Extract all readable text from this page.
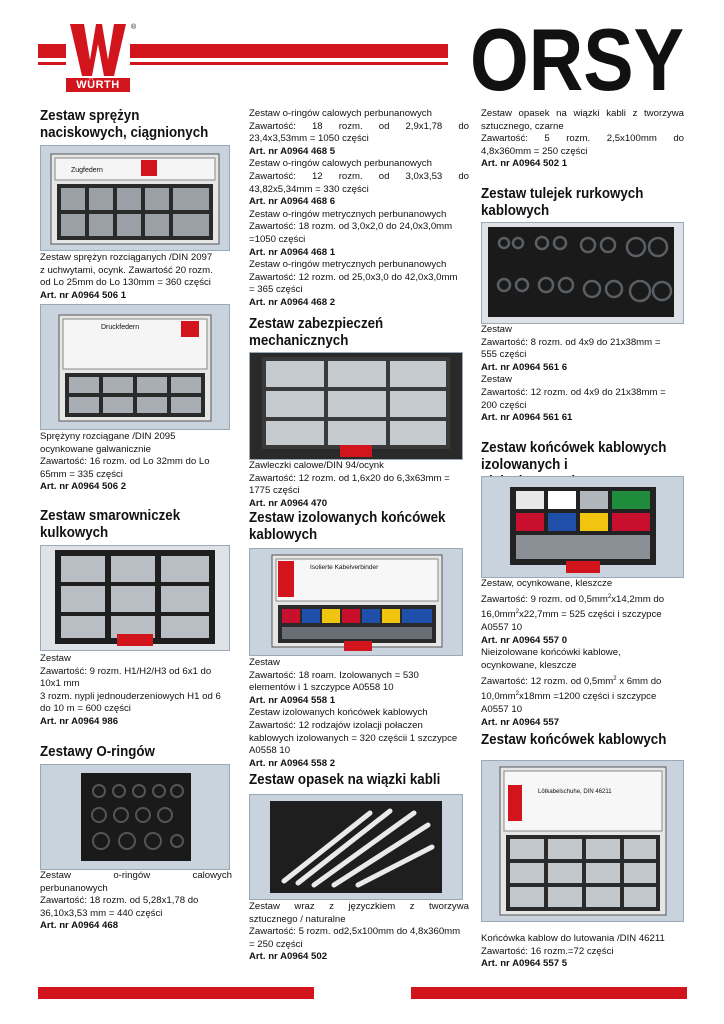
WÜRTH
®	ORSY
Zestaw sprężyn
naciskowych, ciągnionych
Zugfedern

Zestaw sprężyn rozciąganych /DIN 2097

z uchwytami, ocynk. Zawartość 20 rozm.

od Lo 25mm do Lo 130mm = 360 części

Art. nr A0964 506 1

Druckfedern

Sprężyny rozciągane /DIN 2095

ocynkowane galwanicznie

Zawartość: 16 rozm. od Lo 32mm do Lo

65mm = 335 części

Art. nr A0964 506 2

Zestaw smarowniczek
kulkowych

Zestaw

Zawartość: 9 rozm. H1/H2/H3 od 6x1 do

10x1 mm

3 rozm. nypli jednouderzeniowych H1 od 6

do 10 m = 600 części

Art. nr A0964 986

Zestawy O-ringów

Zestaw o-ringów calowych

perbunanowych

Zawartość: 18 rozm. od 5,28x1,78 do

36,10x3,53 mm = 440 części

Art. nr A0964 468

Zestaw o-ringów calowych perbunanowych

Zawartość: 18 rozm. od 2,9x1,78 do

23,4x3,53mm = 1050 części

Art. nr A0964 468 5

Zestaw o-ringów calowych perbunanowych

Zawartość: 12 rozm. od 3,0x3,53 do

43,82x5,34mm = 330 części

Art. nr A0964 468 6

Zestaw o-ringów metrycznych perbunanowych

Zawartość: 18 rozm. od 3,0x2,0 do 24,0x3,0mm

=1050 części

Art. nr A0964 468 1

Zestaw o-ringów metrycznych perbunanowych

Zawartość: 12 rozm. od 25,0x3,0 do 42,0x3,0mm

= 365 części

Art. nr A0964 468 2

Zestaw zabezpieczeń
mechanicznych

Zawleczki calowe/DIN 94/ocynk

Zawartość: 12 rozm. od 1,6x20 do 6,3x63mm =

1775 części

Art. nr A0964 470

Zestaw izolowanych końcówek
kablowych
Isolierte Kabelverbinder

Zestaw

Zawartość: 18 roam. Izolowanych = 530

elementów i 1 szczypce A0558 10

Art. nr A0964 558 1

Zestaw izolowanych końcówek kablowych

Zawartość: 12 rodzajów izolacji połaczen

kablowych izolowanych = 320 częścii 1 szczypce

A0558 10

Art. nr A0964 558 2

Zestaw opasek na wiązki kabli

Zestaw wraz z języczkiem z tworzywa

sztucznego / naturalne

Zawartość: 5 rozm. od2,5x100mm do 4,8x360mm

= 250 części

Art. nr A0964 502

Zestaw opasek na wiązki kabli z tworzywa

sztucznego, czarne

Zawartość: 5 rozm. 2,5x100mm do

4,8x360mm = 250 części

Art. nr A0964 502 1

Zestaw tulejek rurkowych
kablowych

Zestaw

Zawartość: 8 rozm. od 4x9 do 21x38mm =

555 części

Art. nr A0964 561 6

Zestaw

Zawartość: 12 rozm. od 4x9 do 21x38mm =

200 części

Art. nr A0964 561 61

Zestaw końcówek kablowych
izolowanych i

Zestaw, ocynkowane, kleszcze

Zawartość: 9 rozm. od $0,5mm^2x14,2mm$ do

$16,0mm^2x22,7mm = 525$ części i szczypce

A0557 10

Art. nr A0964 557 0

Nieizolowane końcówki kablowe,

ocynkowane, kleszcze

Zawartość: 12 rozm. od $0,5mm^2$ x 6mm do

$10,0mm^2x18mm =1200$ części i szczypce

A0557 10

Art. nr A0964 557

Zestaw końcówek kablowych
Lötkabelschuhe, DIN 46211

Końcówka kablow do lutowania /DIN 46211

Zawartość: 16 rozm.=72 części

Art. nr A0964 557 5
